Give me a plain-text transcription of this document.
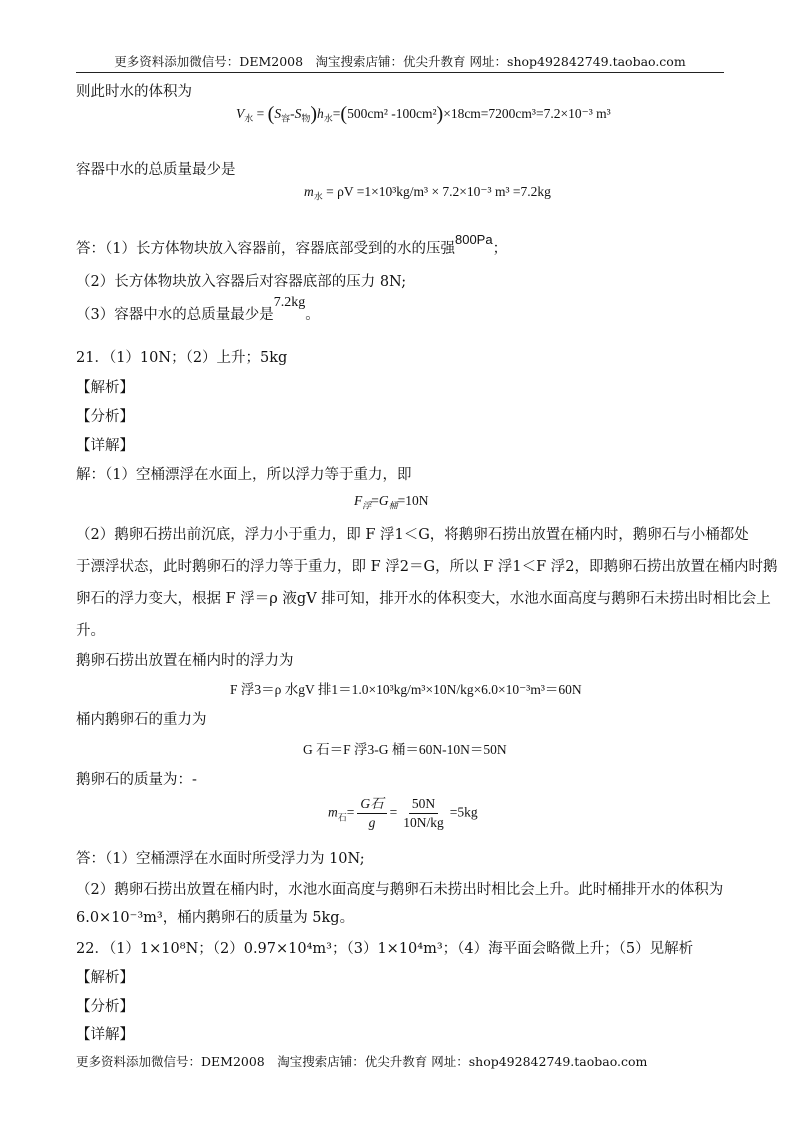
更多资料添加微信号：DEM2008　淘宝搜索店铺：优尖升教育 网址：shop492842749.taobao.com
则此时水的体积为
$V_水 = (S_容-S_物)h_水=(500cm^2$ -100cm²)×18cm=7200cm³=7.2×10⁻³ m³
容器中水的总质量最少是
$m_水 = \rho V =1\times 10^3kg/m^3 \times 7.2\times 10^{-3}$ m³ =7.2kg
答：（1）长方体物块放入容器前，容器底部受到的水的压强800Pa；
（2）长方体物块放入容器后对容器底部的压力 8N;
（3）容器中水的总质量最少是7.2kg。
21．（1）10N；（2）上升；5kg
【解析】
【分析】
【详解】
解：（1）空桶漂浮在水面上，所以浮力等于重力，即
$F_浮=G_桶=10N$
（2）鹅卵石捞出前沉底，浮力小于重力，即 F 浮1＜G，将鹅卵石捞出放置在桶内时，鹅卵石与小桶都处
于漂浮状态，此时鹅卵石的浮力等于重力，即 F 浮2＝G，所以 F 浮1＜F 浮2，即鹅卵石捞出放置在桶内时鹅
卵石的浮力变大，根据 F 浮＝ρ 液gV 排可知，排开水的体积变大，水池水面高度与鹅卵石未捞出时相比会上
升。
鹅卵石捞出放置在桶内时的浮力为
F 浮3＝ρ 水gV 排1＝1.0×10³kg/m³×10N/kg×6.0×10⁻³m³＝60N
桶内鹅卵石的重力为
G 石＝F 浮3-G 桶＝60N-10N＝50N
鹅卵石的质量为：-
$m_石= \frac{\text{G石}}{g} = \frac{50N}{10N/kg} =5kg$
答：（1）空桶漂浮在水面时所受浮力为 10N;
（2）鹅卵石捞出放置在桶内时，水池水面高度与鹅卵石未捞出时相比会上升。此时桶排开水的体积为
6.0×10⁻³m³，桶内鹅卵石的质量为 5kg。
22．（1）1×10⁸N；（2）0.97×10⁴m³；（3）1×10⁴m³；（4）海平面会略微上升；（5）见解析
【解析】
【分析】
【详解】
更多资料添加微信号：DEM2008　淘宝搜索店铺：优尖升教育 网址：shop492842749.taobao.com
